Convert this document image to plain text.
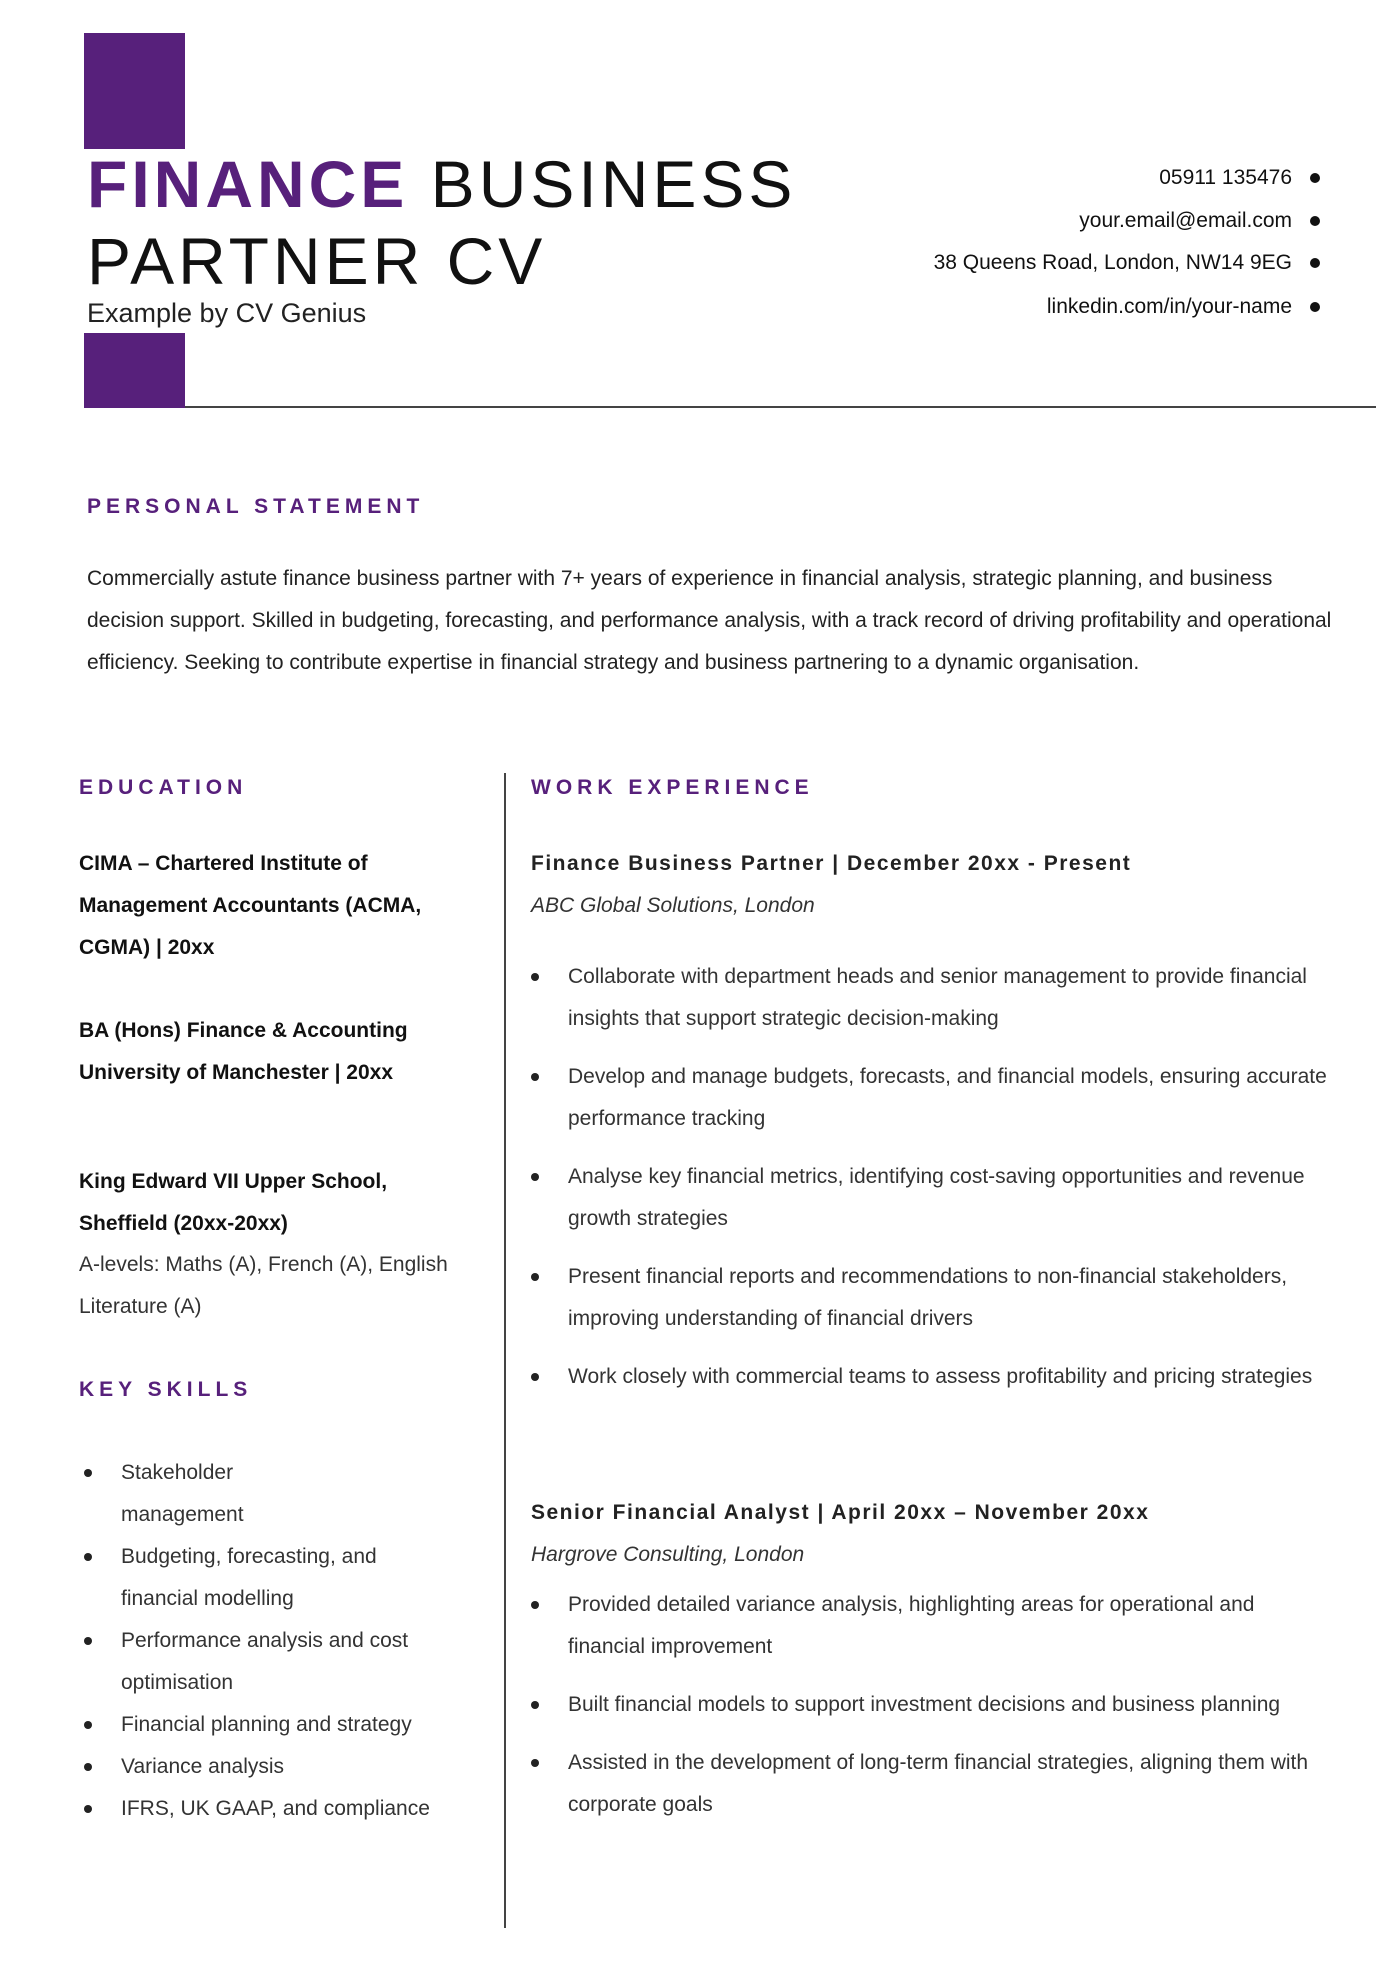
FINANCE BUSINESS
PARTNER CV
Example by CV Genius
05911 135476
your.email@email.com
38 Queens Road, London, NW14 9EG
linkedin.com/in/your-name
PERSONAL STATEMENT
Commercially astute finance business partner with 7+ years of experience in financial analysis, strategic planning, and business decision support. Skilled in budgeting, forecasting, and performance analysis, with a track record of driving profitability and operational efficiency. Seeking to contribute expertise in financial strategy and business partnering to a dynamic organisation.
EDUCATION
CIMA – Chartered Institute of Management Accountants (ACMA, CGMA) | 20xx
BA (Hons) Finance & Accounting University of Manchester | 20xx
King Edward VII Upper School, Sheffield (20xx-20xx)
A-levels: Maths (A), French (A), English Literature (A)
KEY SKILLS
Stakeholder management
Budgeting, forecasting, and financial modelling
Performance analysis and cost optimisation
Financial planning and strategy
Variance analysis
IFRS, UK GAAP, and compliance
WORK EXPERIENCE
Finance Business Partner | December 20xx - Present
ABC Global Solutions, London
Collaborate with department heads and senior management to provide financial insights that support strategic decision-making
Develop and manage budgets, forecasts, and financial models, ensuring accurate performance tracking
Analyse key financial metrics, identifying cost-saving opportunities and revenue growth strategies
Present financial reports and recommendations to non-financial stakeholders, improving understanding of financial drivers
Work closely with commercial teams to assess profitability and pricing strategies
Senior Financial Analyst | April 20xx – November 20xx
Hargrove Consulting, London
Provided detailed variance analysis, highlighting areas for operational and financial improvement
Built financial models to support investment decisions and business planning
Assisted in the development of long-term financial strategies, aligning them with corporate goals
